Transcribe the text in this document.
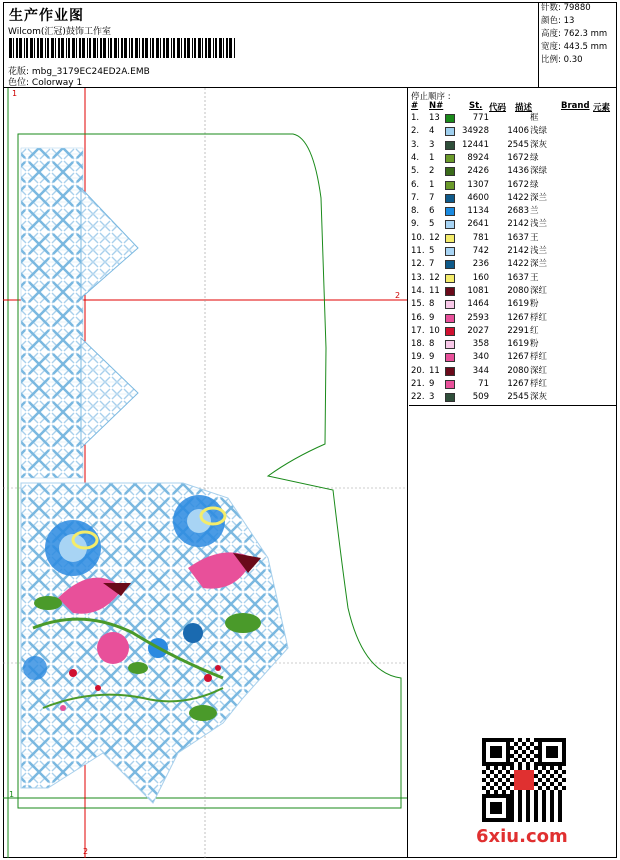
生产作业图
Wilcom(汇冠)鼓饰工作室
花版: mbg_3179EC24ED2A.EMB
色位: Colorway 1
针数: 79880
颜色: 13
高度: 762.3 mm
宽度: 443.5 mm
比例: 0.30
1
2
2
1
停止顺序 :
# N#	St. 代码 描述	Brand 元素
1. 13	771	框
2. 4	34928 1406 浅绿
3. 3	12441 2545 深灰
4. 1	8924 1672 绿
5. 2	2426 1436 深绿
6. 1	1307 1672 绿
7. 7	4600 1422 深兰
8. 6	1134 2683 兰
9. 5	2641 2142 浅兰
10. 12	781 1637 王
11. 5	742 2142 浅兰
12. 7	236 1422 深兰
13. 12	160 1637 王
14. 11	1081 2080 深红
15. 8	1464 1619 粉
16. 9	2593 1267 桴红
17. 10	2027 2291 红
18. 8	358 1619 粉
19. 9	340 1267 桴红
20. 11	344 2080 深红
21. 9	71 1267 桴红
22. 3	509 2545 深灰
6xiu.com
